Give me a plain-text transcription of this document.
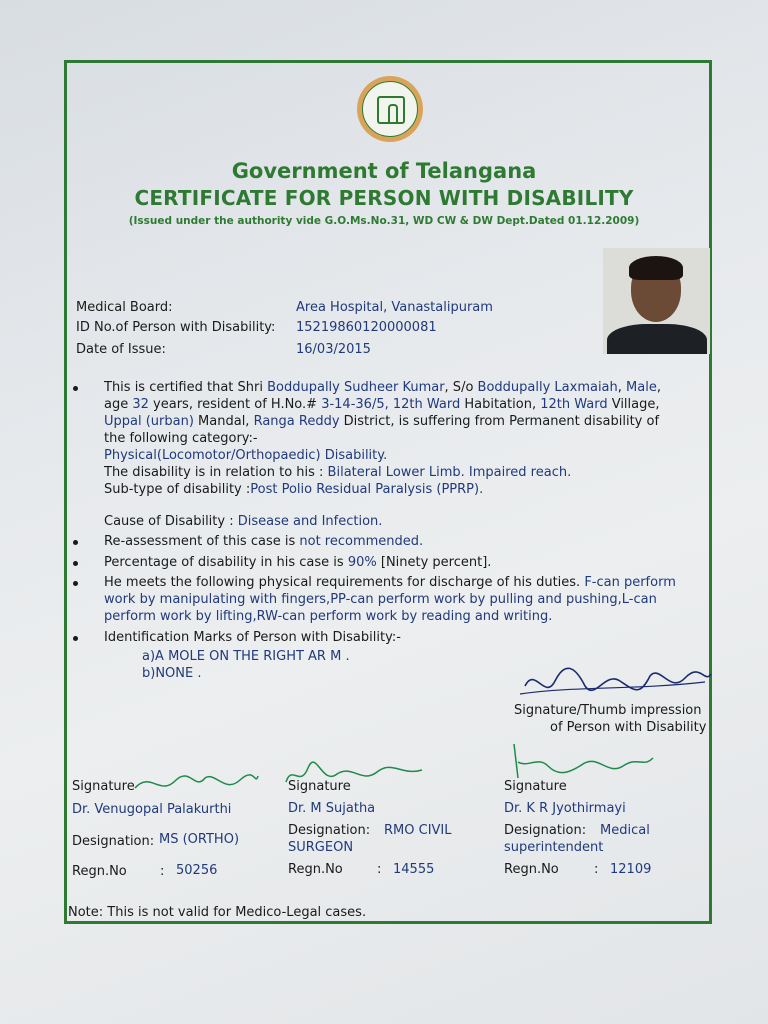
Government of Telangana
CERTIFICATE FOR PERSON WITH DISABILITY
(Issued under the authority vide G.O.Ms.No.31, WD CW & DW Dept.Dated 01.12.2009)
Medical Board:	Area Hospital, Vanastalipuram
ID No.of Person with Disability: 15219860120000081
Date of Issue:	16/03/2015
This is certified that Shri Boddupally Sudheer Kumar, S/o Boddupally Laxmaiah, Male,
age 32 years, resident of H.No.# 3-14-36/5, 12th Ward Habitation, 12th Ward Village,
Uppal (urban) Mandal, Ranga Reddy District, is suffering from Permanent disability of
the following category:-
Physical(Locomotor/Orthopaedic) Disability.
The disability is in relation to his : Bilateral Lower Limb. Impaired reach.
Sub-type of disability :Post Polio Residual Paralysis (PPRP).
Cause of Disability : Disease and Infection.
Re-assessment of this case is not recommended.
Percentage of disability in his case is 90% [Ninety percent].
He meets the following physical requirements for discharge of his duties. F-can perform
work by manipulating with fingers,PP-can perform work by pulling and pushing,L-can
perform work by lifting,RW-can perform work by reading and writing.
Identification Marks of Person with Disability:-
a)A MOLE ON THE RIGHT AR M .
b)NONE .
Signature/Thumb impression
of Person with Disability
Signature
Dr. Venugopal Palakurthi
Designation: MS (ORTHO)
Regn.No	: 50256
Signature
Dr. M Sujatha
Designation: RMO CIVIL
SURGEON
Regn.No	: 14555
Signature
Dr. K R Jyothirmayi
Designation: Medical
superintendent
Regn.No	: 12109
Note: This is not valid for Medico-Legal cases.
